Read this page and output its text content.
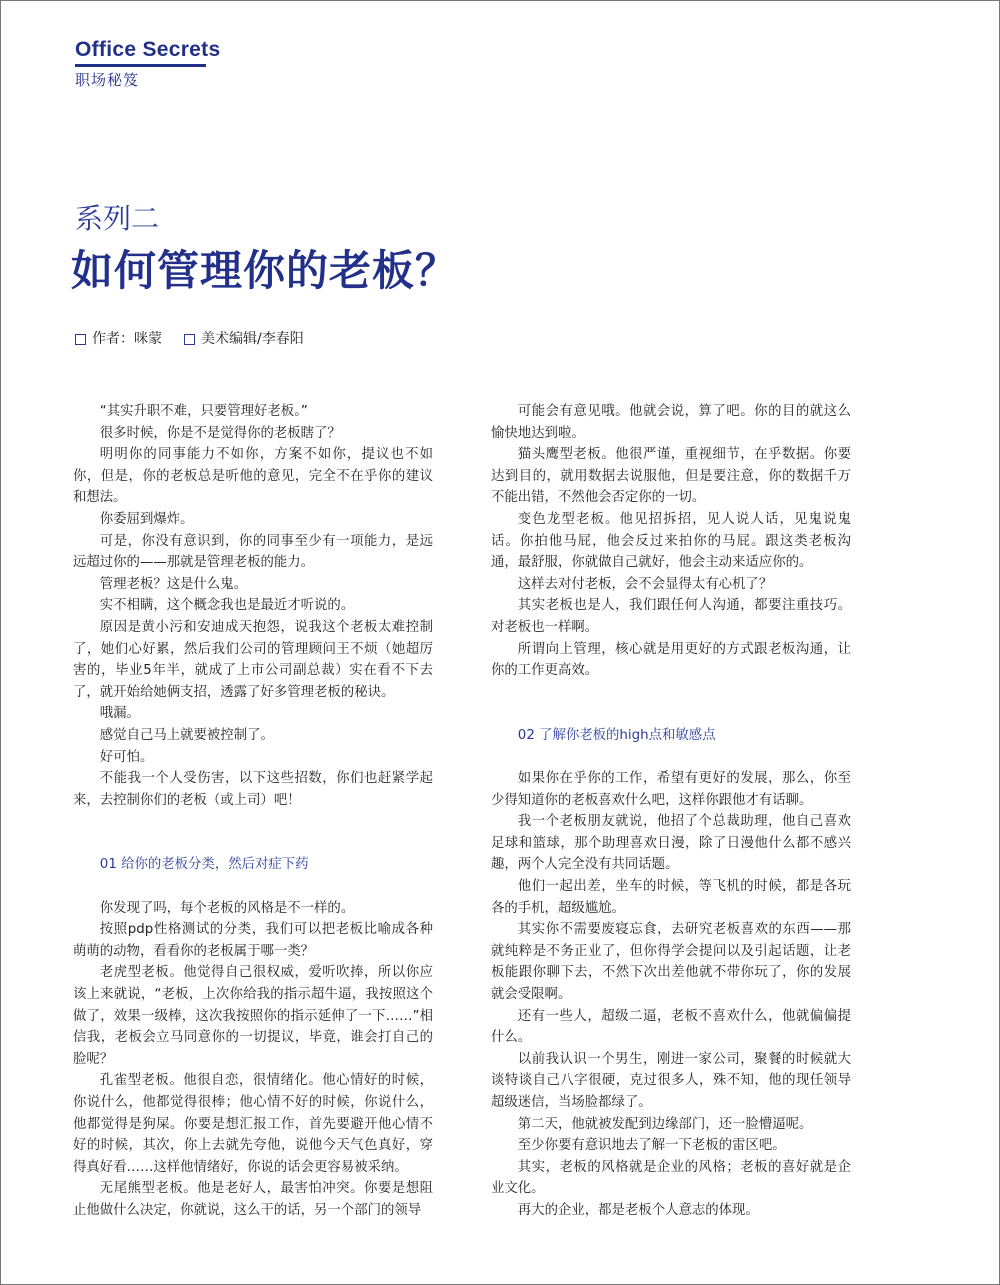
Office Secrets
职场秘笈
系列二
如何管理你的老板？
作者：咪蒙	美术编辑/李春阳

“其实升职不难，只要管理好老板。”

很多时候，你是不是觉得你的老板瞎了？

明明你的同事能力不如你，方案不如你，提议也不如你，但是，你的老板总是听他的意见，完全不在乎你的建议和想法。

你委屈到爆炸。

可是，你没有意识到，你的同事至少有一项能力，是远远超过你的——那就是管理老板的能力。

管理老板？这是什么鬼。

实不相瞒，这个概念我也是最近才听说的。

原因是黄小污和安迪成天抱怨，说我这个老板太难控制了，她们心好累，然后我们公司的管理顾问王不烦（她超厉害的，毕业5年半，就成了上市公司副总裁）实在看不下去了，就开始给她俩支招，透露了好多管理老板的秘诀。

哦漏。

感觉自己马上就要被控制了。

好可怕。

不能我一个人受伤害，以下这些招数，你们也赶紧学起来，去控制你们的老板（或上司）吧！

01 给你的老板分类，然后对症下药

你发现了吗，每个老板的风格是不一样的。

按照pdp性格测试的分类，我们可以把老板比喻成各种萌萌的动物，看看你的老板属于哪一类？

老虎型老板。他觉得自己很权威，爱听吹捧，所以你应该上来就说，“老板，上次你给我的指示超牛逼，我按照这个做了，效果一级棒，这次我按照你的指示延伸了一下……”相信我，老板会立马同意你的一切提议，毕竟，谁会打自己的脸呢？

孔雀型老板。他很自恋，很情绪化。他心情好的时候，你说什么，他都觉得很棒；他心情不好的时候，你说什么，他都觉得是狗屎。你要是想汇报工作，首先要避开他心情不好的时候，其次，你上去就先夸他，说他今天气色真好，穿得真好看……这样他情绪好，你说的话会更容易被采纳。

无尾熊型老板。他是老好人，最害怕冲突。你要是想阻止他做什么决定，你就说，这么干的话，另一个部门的领导

可能会有意见哦。他就会说，算了吧。你的目的就这么愉快地达到啦。

猫头鹰型老板。他很严谨，重视细节，在乎数据。你要达到目的，就用数据去说服他，但是要注意，你的数据千万不能出错，不然他会否定你的一切。

变色龙型老板。他见招拆招，见人说人话，见鬼说鬼话。你拍他马屁，他会反过来拍你的马屁。跟这类老板沟通，最舒服，你就做自己就好，他会主动来适应你的。

这样去对付老板，会不会显得太有心机了？

其实老板也是人，我们跟任何人沟通，都要注重技巧。对老板也一样啊。

所谓向上管理，核心就是用更好的方式跟老板沟通，让你的工作更高效。

02 了解你老板的high点和敏感点

如果你在乎你的工作，希望有更好的发展，那么，你至少得知道你的老板喜欢什么吧，这样你跟他才有话聊。

我一个老板朋友就说，他招了个总裁助理，他自己喜欢足球和篮球，那个助理喜欢日漫，除了日漫他什么都不感兴趣，两个人完全没有共同话题。

他们一起出差，坐车的时候，等飞机的时候，都是各玩各的手机，超级尴尬。

其实你不需要废寝忘食，去研究老板喜欢的东西——那就纯粹是不务正业了，但你得学会提问以及引起话题，让老板能跟你聊下去，不然下次出差他就不带你玩了，你的发展就会受限啊。

还有一些人，超级二逼，老板不喜欢什么，他就偏偏提什么。

以前我认识一个男生，刚进一家公司，聚餐的时候就大谈特谈自己八字很硬，克过很多人，殊不知，他的现任领导超级迷信，当场脸都绿了。

第二天，他就被发配到边缘部门，还一脸懵逼呢。

至少你要有意识地去了解一下老板的雷区吧。

其实，老板的风格就是企业的风格；老板的喜好就是企业文化。

再大的企业，都是老板个人意志的体现。
